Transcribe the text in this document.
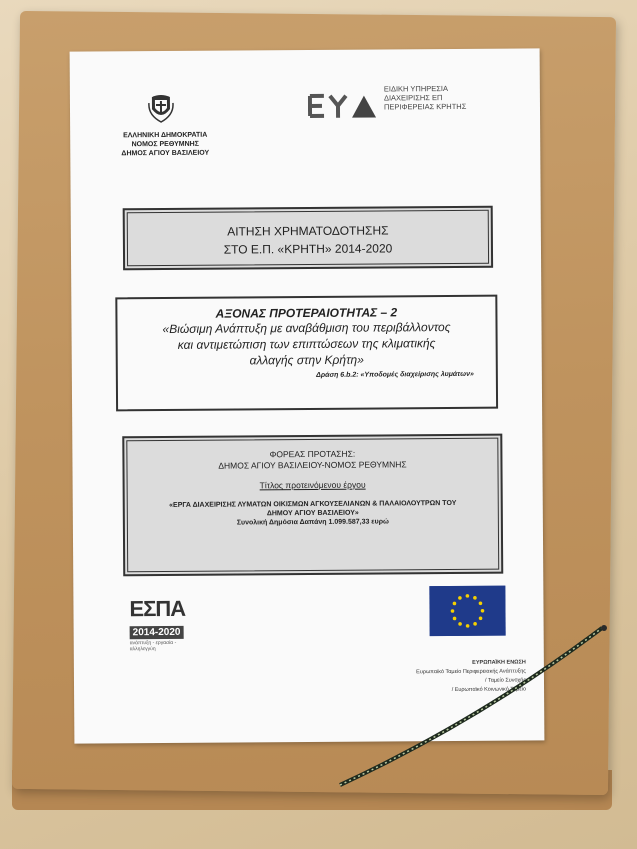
ΕΛΛΗΝΙΚΗ ΔΗΜΟΚΡΑΤΙΑ
ΝΟΜΟΣ ΡΕΘΥΜΝΗΣ
ΔΗΜΟΣ ΑΓΙΟΥ ΒΑΣΙΛΕΙΟΥ
ΕΙΔΙΚΗ ΥΠΗΡΕΣΙΑ
ΔΙΑΧΕΙΡΙΣΗΣ ΕΠ
ΠΕΡΙΦΕΡΕΙΑΣ ΚΡΗΤΗΣ
ΑΙΤΗΣΗ ΧΡΗΜΑΤΟΔΟΤΗΣΗΣ
ΣΤΟ Ε.Π. «ΚΡΗΤΗ» 2014-2020
ΑΞΟΝΑΣ ΠΡΟΤΕΡΑΙΟΤΗΤΑΣ – 2
«Βιώσιμη Ανάπτυξη με αναβάθμιση του περιβάλλοντος
και αντιμετώπιση των επιπτώσεων της κλιματικής
αλλαγής στην Κρήτη»
Δράση 6.b.2: «Υποδομές διαχείρισης λυμάτων»
ΦΟΡΕΑΣ ΠΡΟΤΑΣΗΣ:
ΔΗΜΟΣ ΑΓΙΟΥ ΒΑΣΙΛΕΙΟΥ-ΝΟΜΟΣ ΡΕΘΥΜΝΗΣ
Τίτλος προτεινόμενου έργου
«ΕΡΓΑ ΔΙΑΧΕΙΡΙΣΗΣ ΛΥΜΑΤΩΝ ΟΙΚΙΣΜΩΝ ΑΓΚΟΥΣΕΛΙΑΝΩΝ & ΠΑΛΑΙΟΛΟΥΤΡΩΝ ΤΟΥ
ΔΗΜΟΥ ΑΓΙΟΥ ΒΑΣΙΛΕΙΟΥ»
Συνολική Δημόσια Δαπάνη 1.099.587,33 ευρώ
ΕΣΠΑ
2014-2020
ανάπτυξη - εργασία - αλληλεγγύη
ΕΥΡΩΠΑΪΚΗ ΕΝΩΣΗ
Ευρωπαϊκό Ταμείο Περιφερειακής Ανάπτυξης
/ Ταμείο Συνοχής
/ Ευρωπαϊκό Κοινωνικό Ταμείο
